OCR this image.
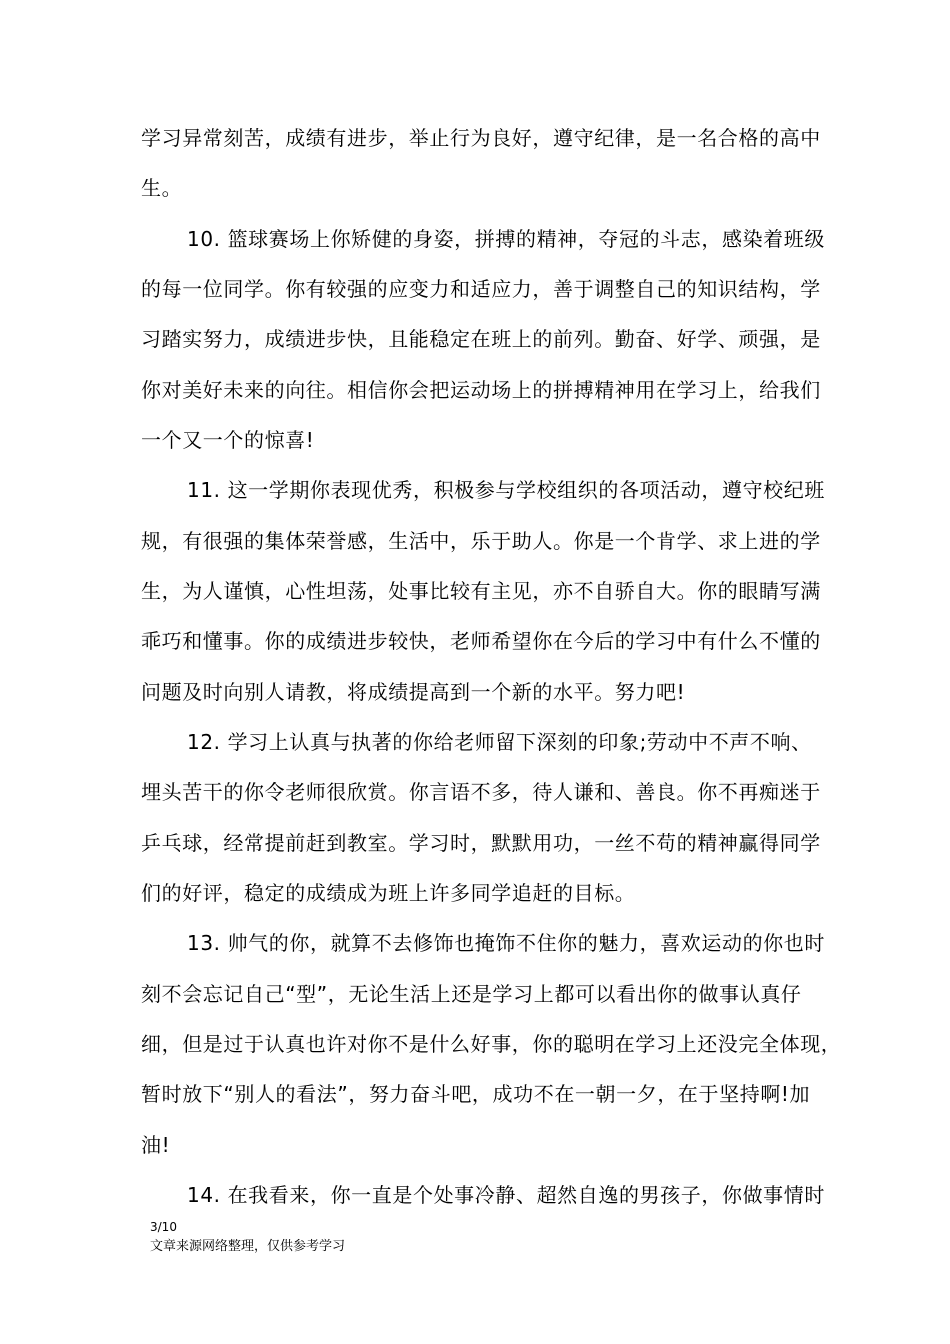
学习异常刻苦，成绩有进步，举止行为良好，遵守纪律，是一名合格的高中
生。
10. 篮球赛场上你矫健的身姿，拼搏的精神，夺冠的斗志，感染着班级
的每一位同学。你有较强的应变力和适应力，善于调整自己的知识结构，学
习踏实努力，成绩进步快，且能稳定在班上的前列。勤奋、好学、顽强，是
你对美好未来的向往。相信你会把运动场上的拼搏精神用在学习上，给我们
一个又一个的惊喜!
11. 这一学期你表现优秀，积极参与学校组织的各项活动，遵守校纪班
规，有很强的集体荣誉感，生活中，乐于助人。你是一个肯学、求上进的学
生，为人谨慎，心性坦荡，处事比较有主见，亦不自骄自大。你的眼睛写满
乖巧和懂事。你的成绩进步较快，老师希望你在今后的学习中有什么不懂的
问题及时向别人请教，将成绩提高到一个新的水平。努力吧!
12. 学习上认真与执著的你给老师留下深刻的印象;劳动中不声不响、
埋头苦干的你令老师很欣赏。你言语不多，待人谦和、善良。你不再痴迷于
乒乓球，经常提前赶到教室。学习时，默默用功，一丝不苟的精神赢得同学
们的好评，稳定的成绩成为班上许多同学追赶的目标。
13. 帅气的你，就算不去修饰也掩饰不住你的魅力，喜欢运动的你也时
刻不会忘记自己“型”，无论生活上还是学习上都可以看出你的做事认真仔
细，但是过于认真也许对你不是什么好事，你的聪明在学习上还没完全体现，
暂时放下“别人的看法”，努力奋斗吧，成功不在一朝一夕，在于坚持啊!加
油!
14. 在我看来，你一直是个处事冷静、超然自逸的男孩子，你做事情时
3/10
文章来源网络整理，仅供参考学习
